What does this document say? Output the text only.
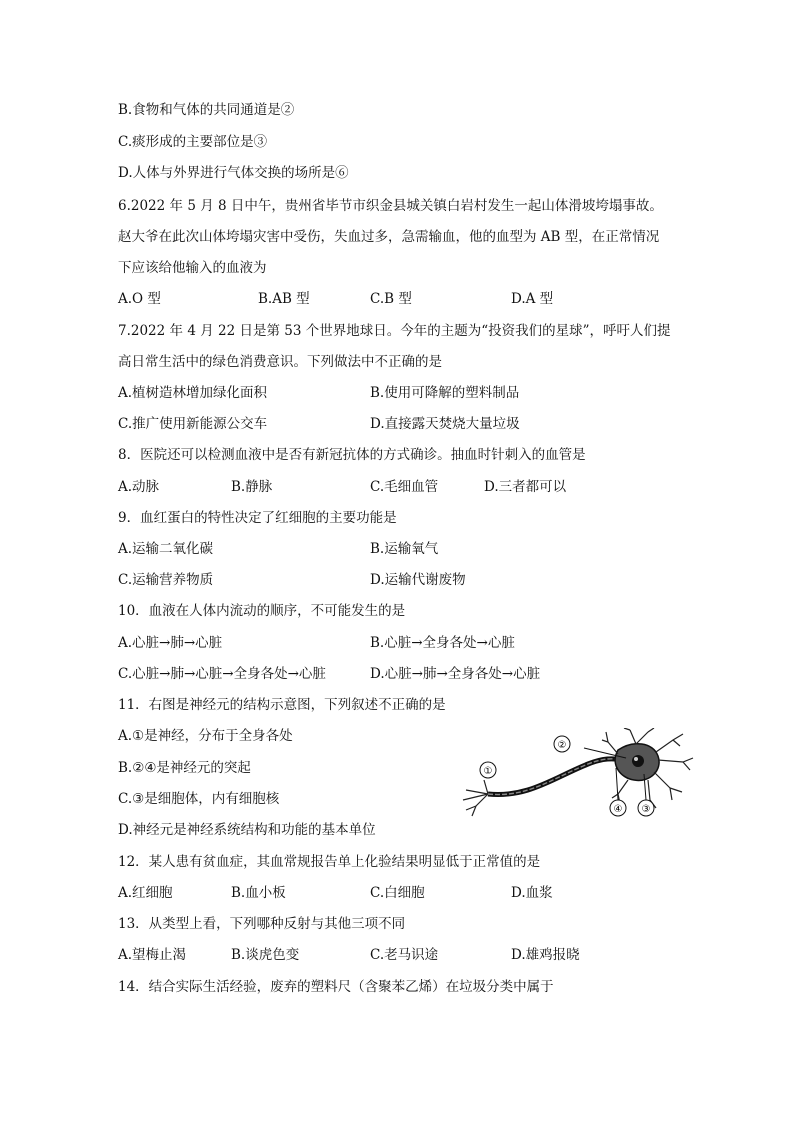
B.食物和气体的共同通道是②
C.痰形成的主要部位是③
D.人体与外界进行气体交换的场所是⑥
6.2022 年 5 月 8 日中午，贵州省毕节市织金县城关镇白岩村发生一起山体滑坡垮塌事故。
赵大爷在此次山体垮塌灾害中受伤，失血过多，急需输血，他的血型为 AB 型，在正常情况
下应该给他输入的血液为
A.O 型	B.AB 型	C.B 型	D.A 型
7.2022 年 4 月 22 日是第 53 个世界地球日。今年的主题为“投资我们的星球”，呼吁人们提
高日常生活中的绿色消费意识。下列做法中不正确的是
A.植树造林增加绿化面积	B.使用可降解的塑料制品
C.推广使用新能源公交车	D.直接露天焚烧大量垃圾
8．医院还可以检测血液中是否有新冠抗体的方式确诊。抽血时针刺入的血管是
A.动脉	B.静脉	C.毛细血管	D.三者都可以
9．血红蛋白的特性决定了红细胞的主要功能是
A.运输二氧化碳	B.运输氧气
C.运输营养物质	D.运输代谢废物
10．血液在人体内流动的顺序，不可能发生的是
A.心脏→肺→心脏	B.心脏→全身各处→心脏
C.心脏→肺→心脏→全身各处→心脏	D.心脏→肺→全身各处→心脏
11．右图是神经元的结构示意图，下列叙述不正确的是
A.①是神经，分布于全身各处
B.②④是神经元的突起
C.③是细胞体，内有细胞核
D.神经元是神经系统结构和功能的基本单位
①
②
③
④
12．某人患有贫血症，其血常规报告单上化验结果明显低于正常值的是
A.红细胞	B.血小板	C.白细胞	D.血浆
13．从类型上看，下列哪种反射与其他三项不同
A.望梅止渴	B.谈虎色变	C.老马识途	D.雄鸡报晓
14．结合实际生活经验，废弃的塑料尺（含聚苯乙烯）在垃圾分类中属于
